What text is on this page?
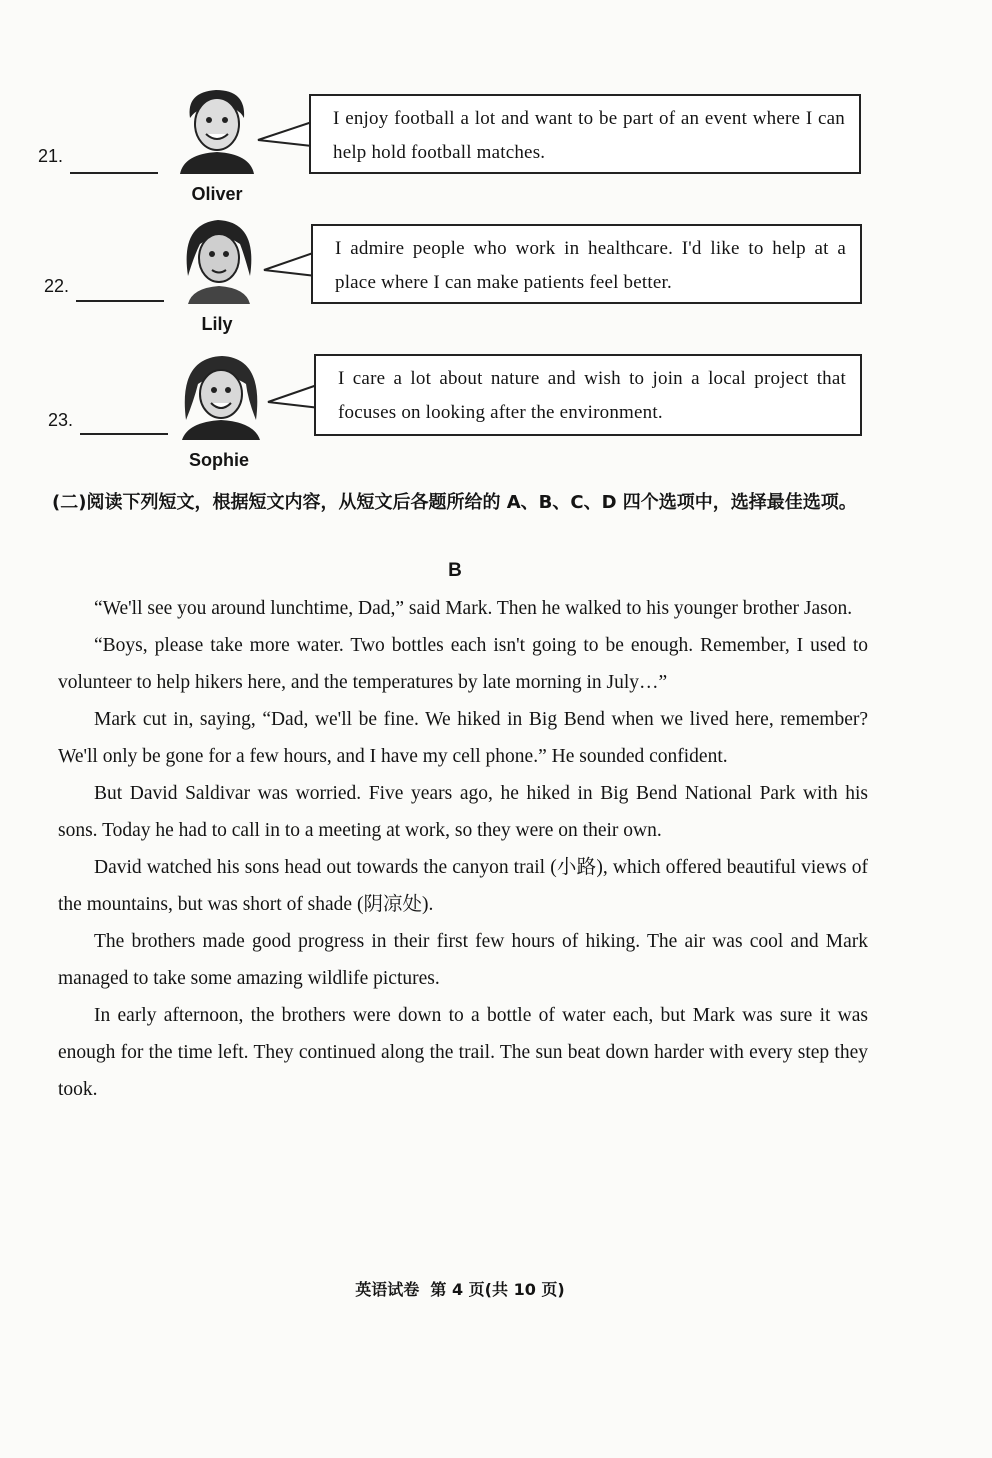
21.
Oliver
I enjoy football a lot and want to be part of an event where I can help hold football matches.
22.
Lily
I admire people who work in healthcare. I'd like to help at a place where I can make patients feel better.
23.
Sophie
I care a lot about nature and wish to join a local project that focuses on looking after the environment.
(二)阅读下列短文，根据短文内容，从短文后各题所给的 A、B、C、D 四个选项中，选择最佳选项。
B

“We'll see you around lunchtime, Dad,” said Mark. Then he walked to his younger brother Jason.

“Boys, please take more water. Two bottles each isn't going to be enough. Remember, I used to volunteer to help hikers here, and the temperatures by late morning in July…”

Mark cut in, saying, “Dad, we'll be fine. We hiked in Big Bend when we lived here, remember? We'll only be gone for a few hours, and I have my cell phone.” He sounded confident.

But David Saldivar was worried. Five years ago, he hiked in Big Bend National Park with his sons. Today he had to call in to a meeting at work, so they were on their own.

David watched his sons head out towards the canyon trail (小路), which offered beautiful views of the mountains, but was short of shade (阴凉处).

The brothers made good progress in their first few hours of hiking. The air was cool and Mark managed to take some amazing wildlife pictures.

In early afternoon, the brothers were down to a bottle of water each, but Mark was sure it was enough for the time left. They continued along the trail. The sun beat down harder with every step they took.

英语试卷  第 4 页(共 10 页)
